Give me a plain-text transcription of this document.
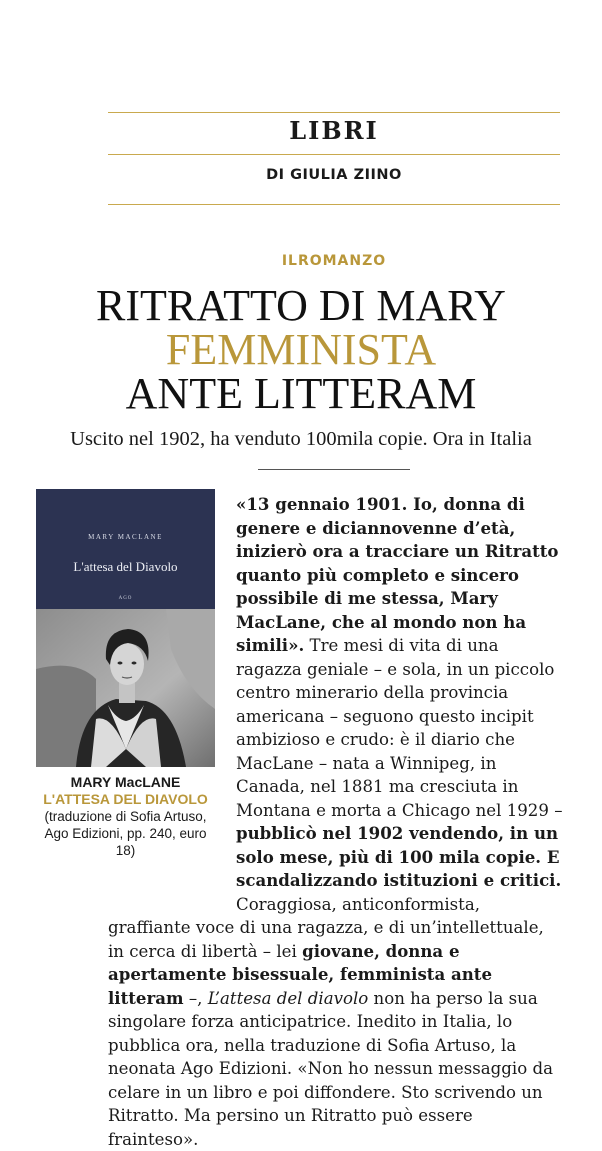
LIBRI
DI GIULIA ZIINO
ILROMANZO
RITRATTO DI MARY
FEMMINISTA
ANTE LITTERAM
Uscito nel 1902, ha venduto 100mila copie. Ora in Italia
MARY MACLANE
L'attesa del Diavolo
AGO
MARY MacLANE
L'ATTESA DEL DIAVOLO
(traduzione di Sofia Artuso, Ago Edizioni, pp. 240, euro 18)
«13 gennaio 1901. Io, donna di genere e diciannovenne d’età, inizierò ora a tracciare un Ritratto quanto più completo e sincero possibile di me stessa, Mary MacLane, che al mondo non ha simili». Tre mesi di vita di una ragazza geniale – e sola, in un piccolo centro minerario della provincia americana – seguono questo incipit ambizioso e crudo: è il diario che MacLane – nata a Winnipeg, in Canada, nel 1881 ma cresciuta in Montana e morta a Chicago nel 1929 – pubblicò nel 1902 vendendo, in un solo mese, più di 100 mila copie. E scandalizzando istituzioni e critici. Coraggiosa, anticonformista, graffiante voce di una ragazza, e di un’intellettuale, in cerca di libertà – lei giovane, donna e apertamente bisessuale, femminista ante litteram –, L’attesa del diavolo non ha perso la sua singolare forza anticipatrice. Inedito in Italia, lo pubblica ora, nella traduzione di Sofia Artuso, la neonata Ago Edizioni. «Non ho nessun messaggio da celare in un libro e poi diffondere. Sto scrivendo un Ritratto. Ma persino un Ritratto può essere frainteso».
